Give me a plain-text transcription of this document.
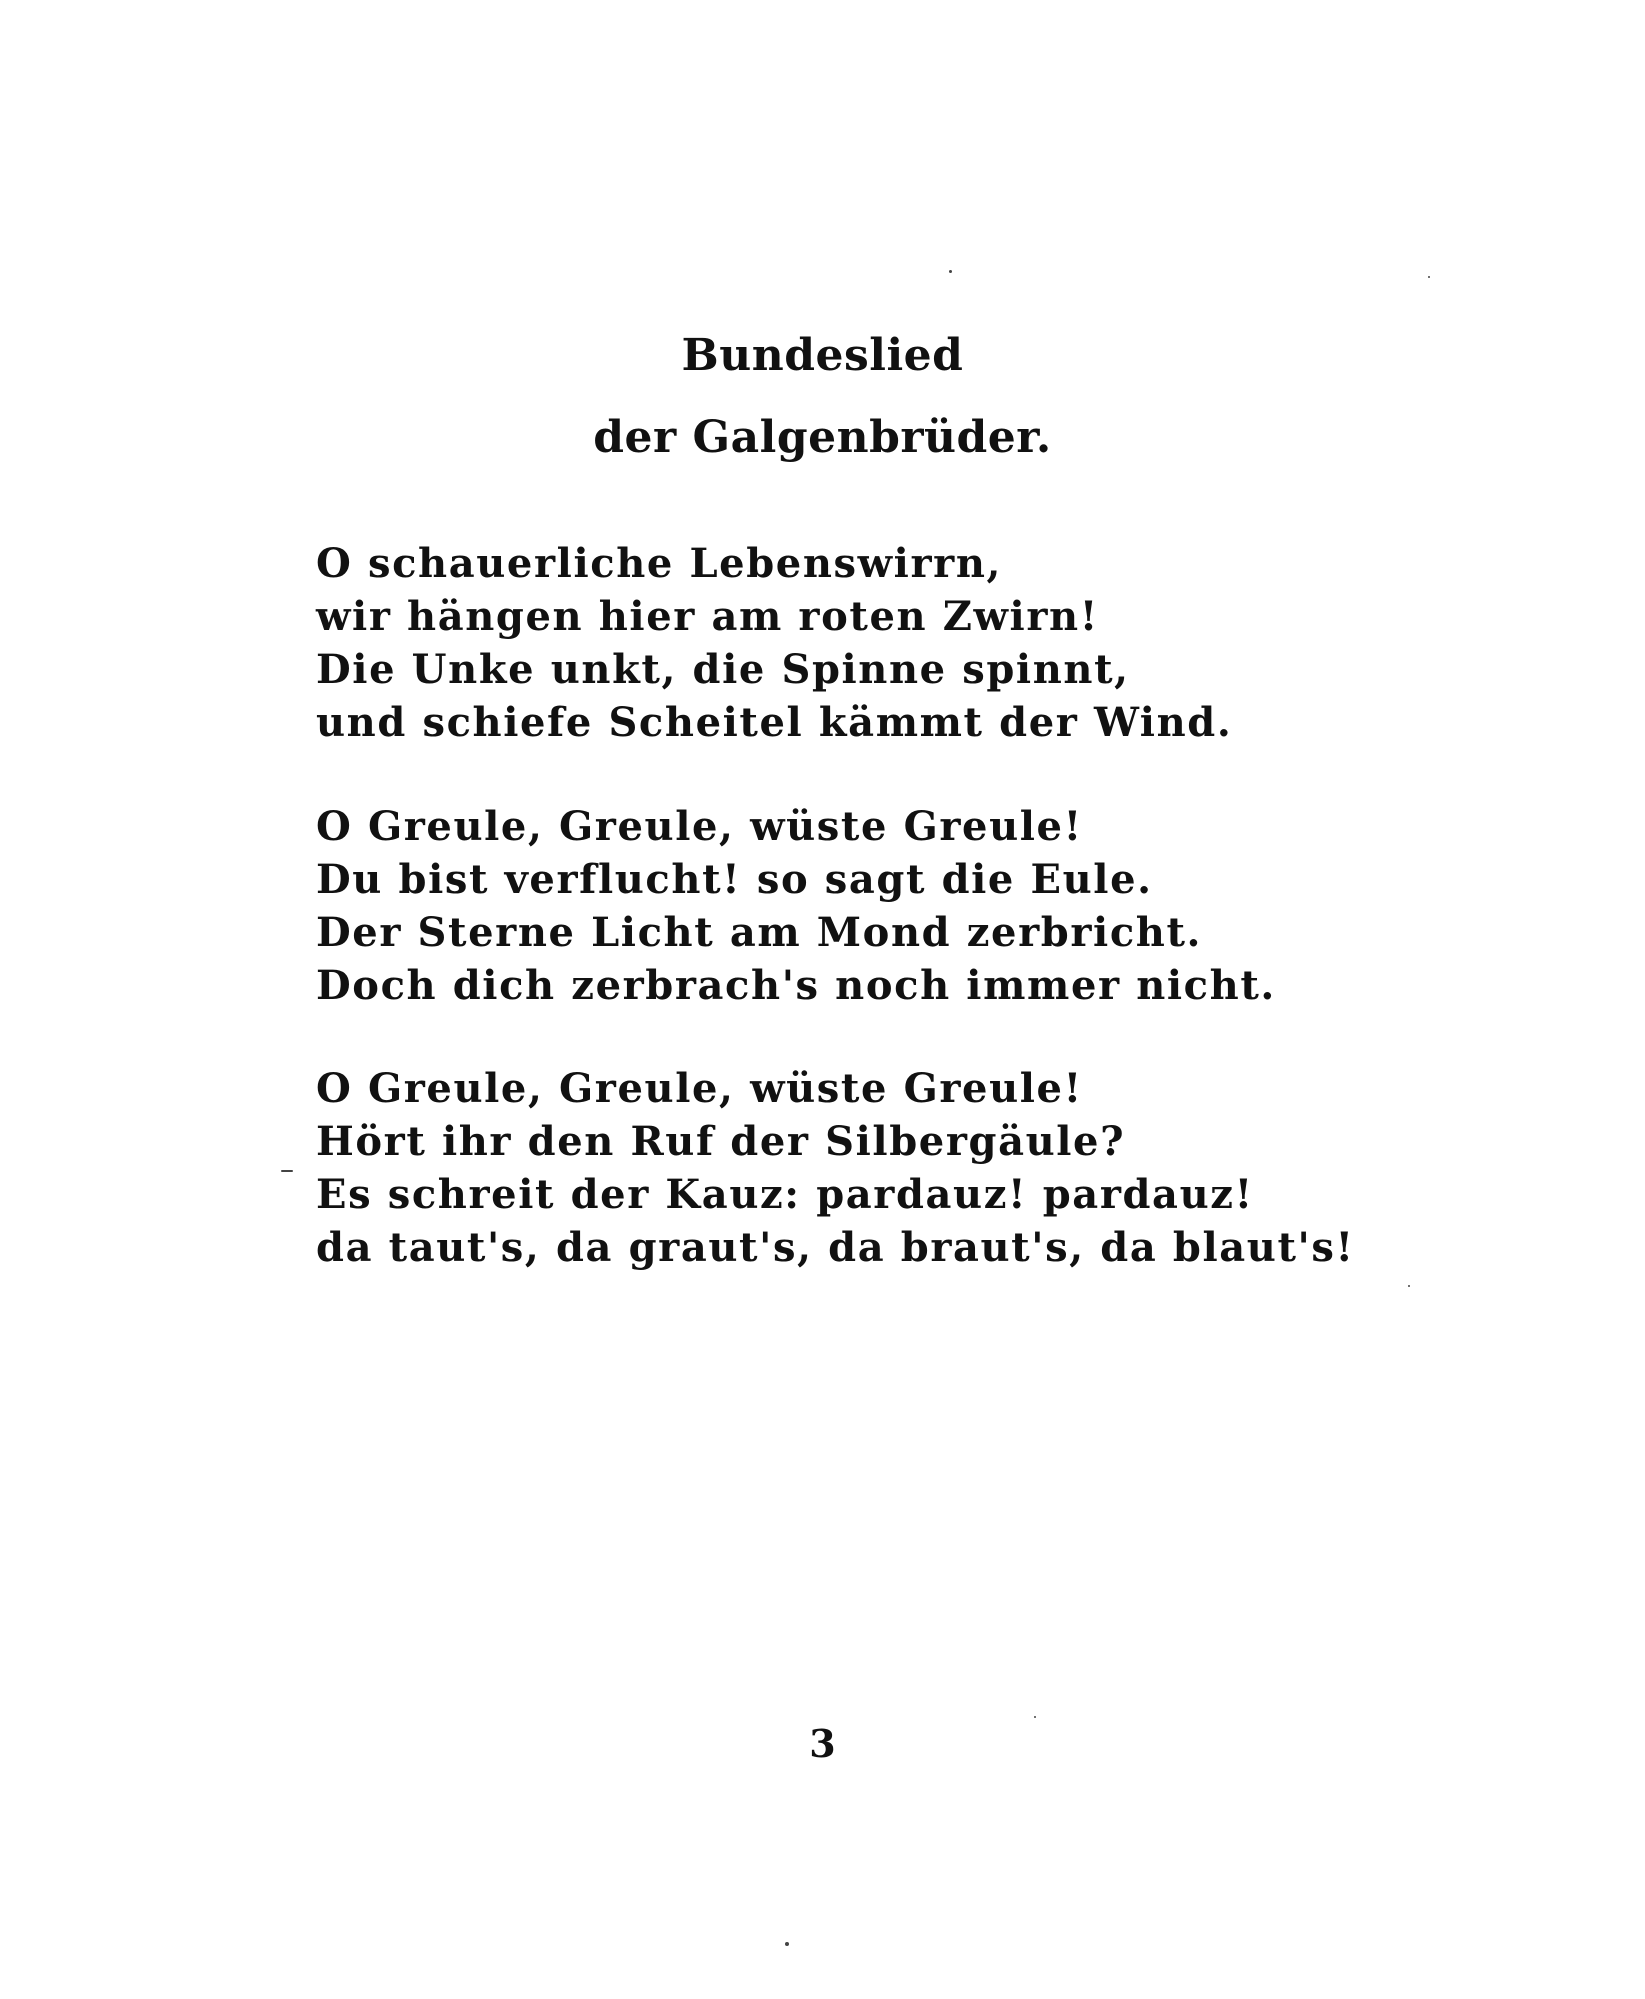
Bundeslied
der Galgenbrüder.
O schauerliche Lebenswirrn,
wir hängen hier am roten Zwirn!
Die Unke unkt, die Spinne spinnt,
und schiefe Scheitel kämmt der Wind.
O Greule, Greule, wüste Greule!
Du bist verflucht! so sagt die Eule.
Der Sterne Licht am Mond zerbricht.
Doch dich zerbrach's noch immer nicht.
O Greule, Greule, wüste Greule!
Hört ihr den Ruf der Silbergäule?
Es schreit der Kauz: pardauz! pardauz!
da taut's, da graut's, da braut's, da blaut's!
3
